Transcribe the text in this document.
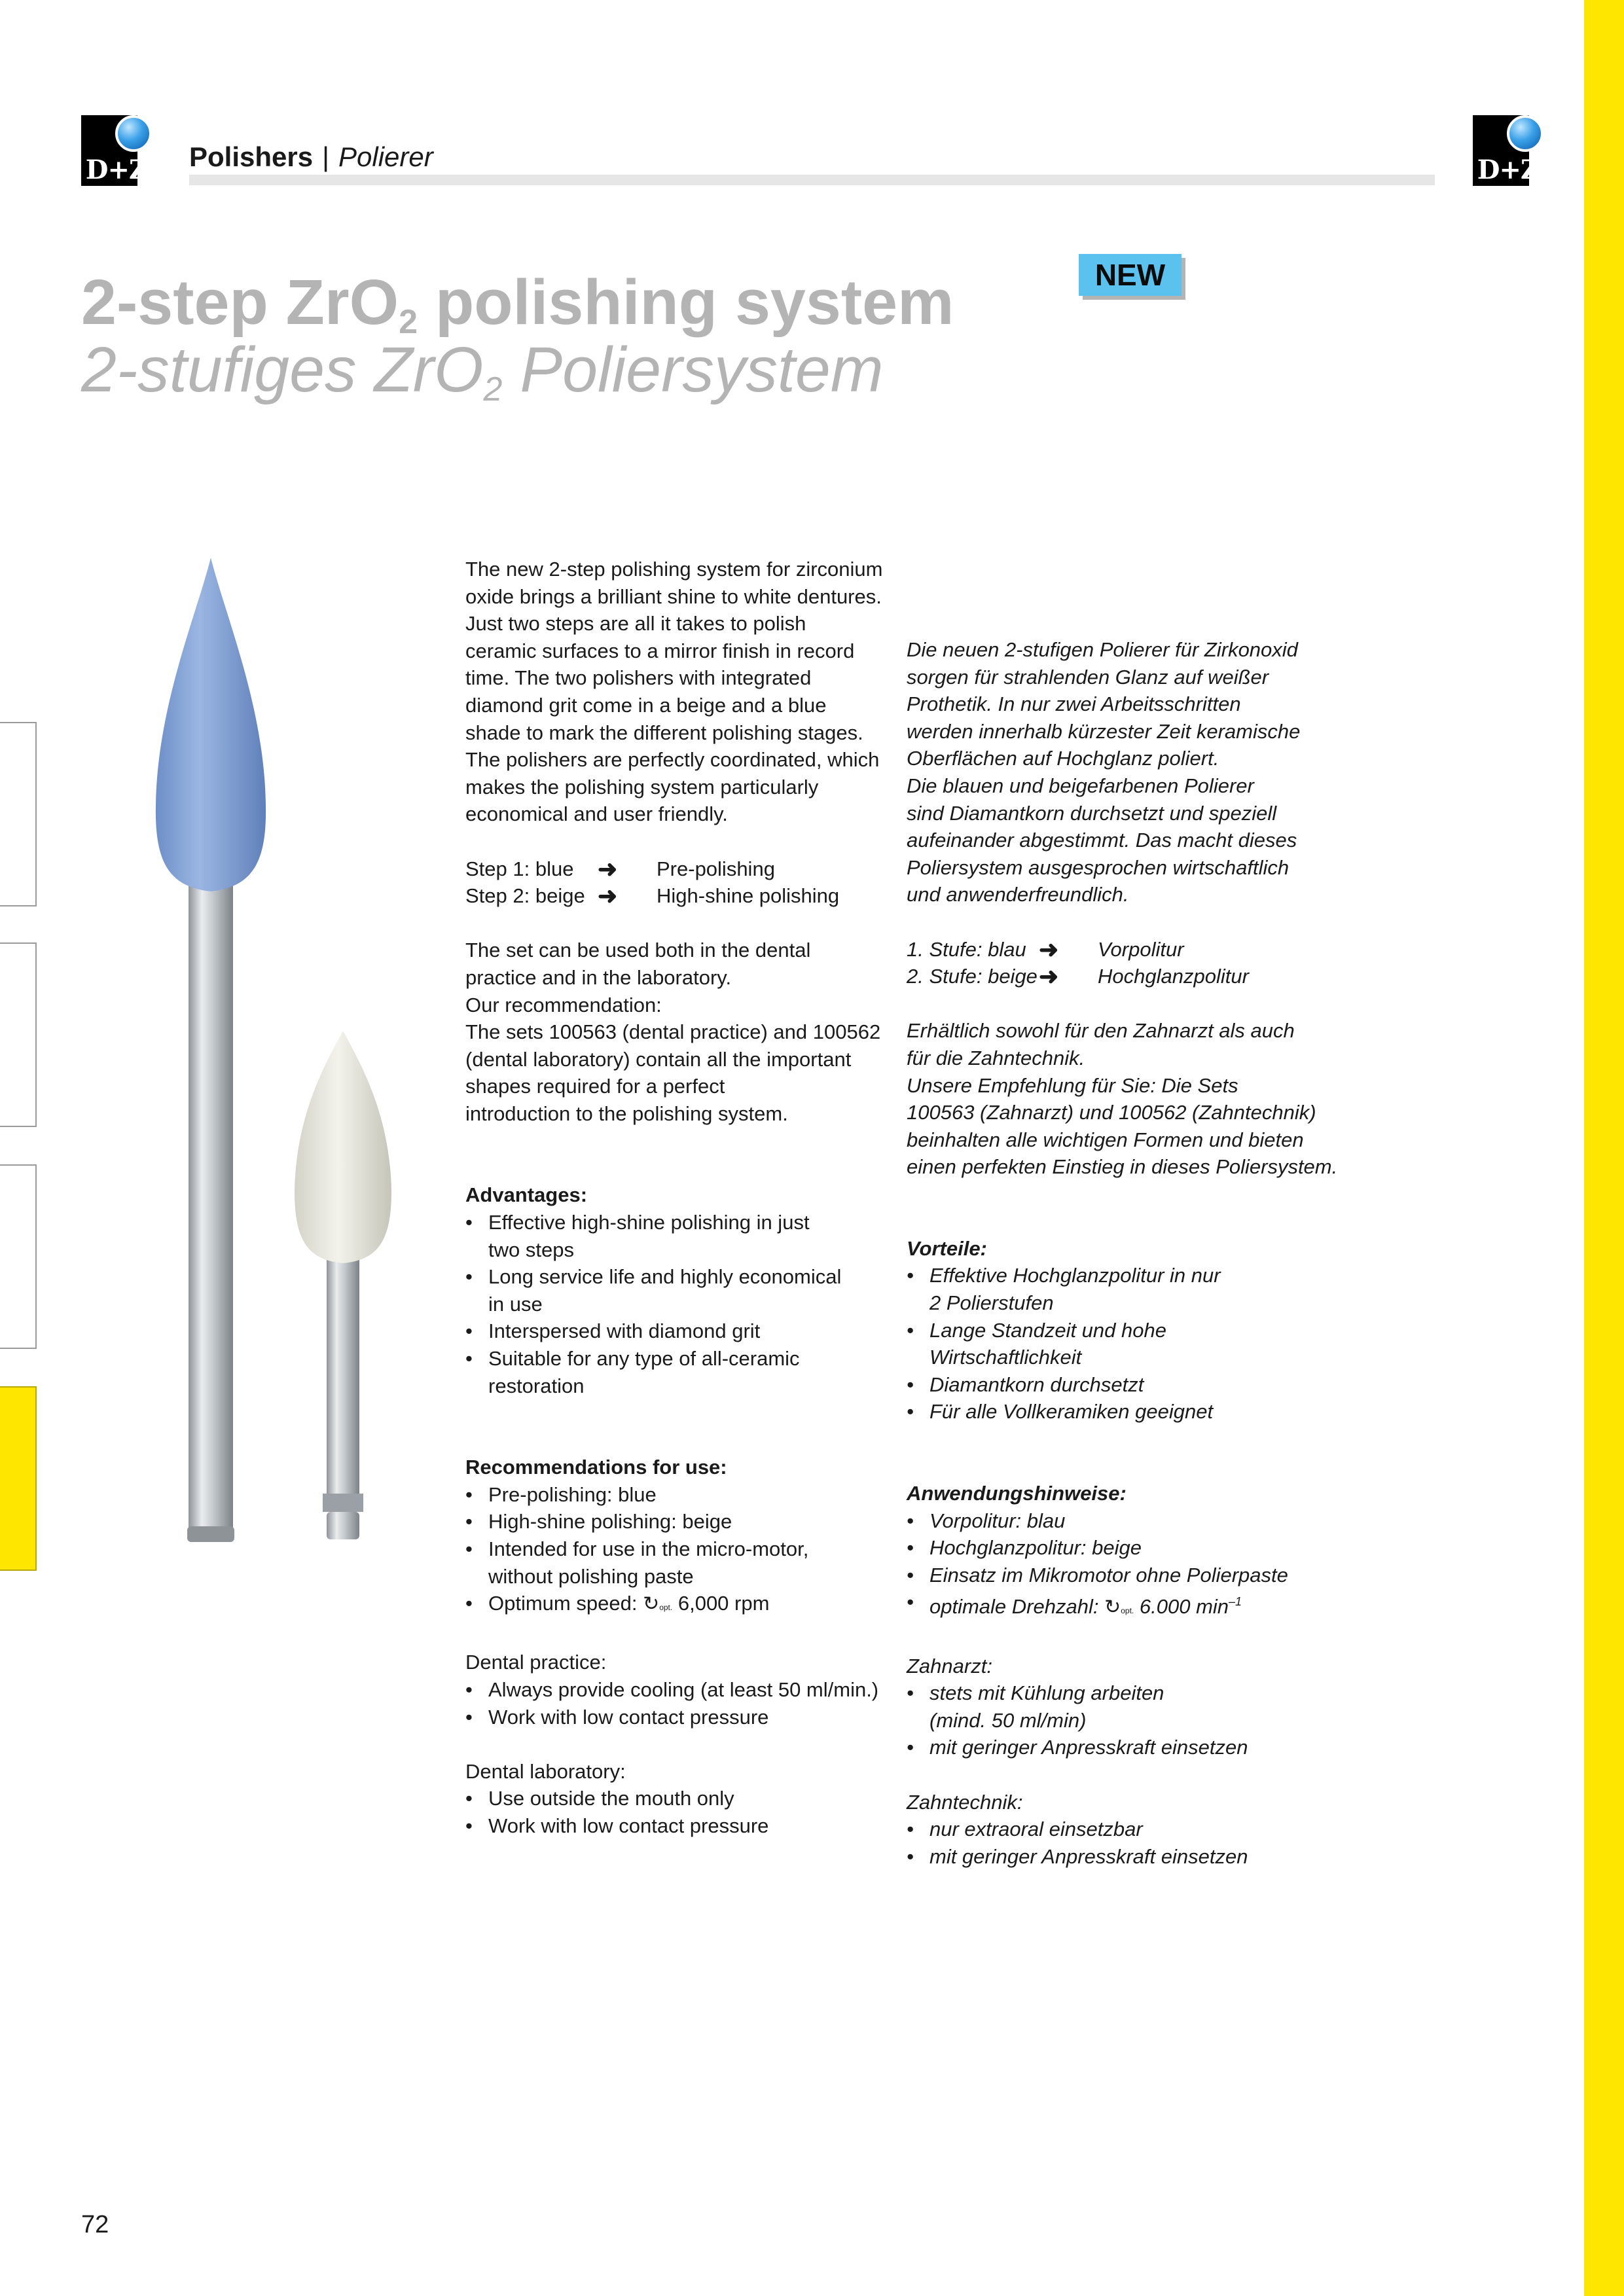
D+Z	D+Z
Polishers | Polierer
NEW
2-step ZrO$_2$ polishing system
2-stufiges ZrO$_2$ Poliersystem

The new 2-step polishing system for zirconium

oxide brings a brilliant shine to white dentures.

Just two steps are all it takes to polish

ceramic surfaces to a mirror finish in record

time. The two polishers with integrated

diamond grit come in a beige and a blue

shade to mark the different polishing stages.

The polishers are perfectly coordinated, which

makes the polishing system particularly

economical and user friendly.

Step 1: blue	➜	Pre-polishing
Step 2: beige ➜	High-shine polishing

The set can be used both in the dental

practice and in the laboratory.

Our recommendation:

The sets 100563 (dental practice) and 100562

(dental laboratory) contain all the important

shapes required for a perfect

introduction to the polishing system.

Advantages:

• Effective high-shine polishing in just
two steps
• Long service life and highly economical
in use
• Interspersed with diamond grit
• Suitable for any type of all-ceramic
restoration

Recommendations for use:

• Pre-polishing: blue
• High-shine polishing: beige
• Intended for use in the micro-motor,
without polishing paste
• Optimum speed: ↻opt. 6,000 rpm

Dental practice:

• Always provide cooling (at least 50 ml/min.)
• Work with low contact pressure

Dental laboratory:

• Use outside the mouth only
• Work with low contact pressure

Die neuen 2-stufigen Polierer für Zirkonoxid

sorgen für strahlenden Glanz auf weißer

Prothetik. In nur zwei Arbeitsschritten

werden innerhalb kürzester Zeit keramische

Oberflächen auf Hochglanz poliert.

Die blauen und beigefarbenen Polierer

sind Diamantkorn durchsetzt und speziell

aufeinander abgestimmt. Das macht dieses

Poliersystem ausgesprochen wirtschaftlich

und anwenderfreundlich.

1. Stufe: blau ➜	Vorpolitur
2. Stufe: beige ➜	Hochglanzpolitur

Erhältlich sowohl für den Zahnarzt als auch

für die Zahntechnik.

Unsere Empfehlung für Sie: Die Sets

100563 (Zahnarzt) und 100562 (Zahntechnik)

beinhalten alle wichtigen Formen und bieten

einen perfekten Einstieg in dieses Poliersystem.

Vorteile:

• Effektive Hochglanzpolitur in nur
2 Polierstufen
• Lange Standzeit und hohe
Wirtschaftlichkeit
• Diamantkorn durchsetzt
• Für alle Vollkeramiken geeignet

Anwendungshinweise:

• Vorpolitur: blau
• Hochglanzpolitur: beige
• Einsatz im Mikromotor ohne Polierpaste
• optimale Drehzahl: ↻opt. 6.000 $\min^{-1}$

Zahnarzt:

• stets mit Kühlung arbeiten
(mind. 50 ml/min)
• mit geringer Anpresskraft einsetzen

Zahntechnik:

• nur extraoral einsetzbar
• mit geringer Anpresskraft einsetzen
72
